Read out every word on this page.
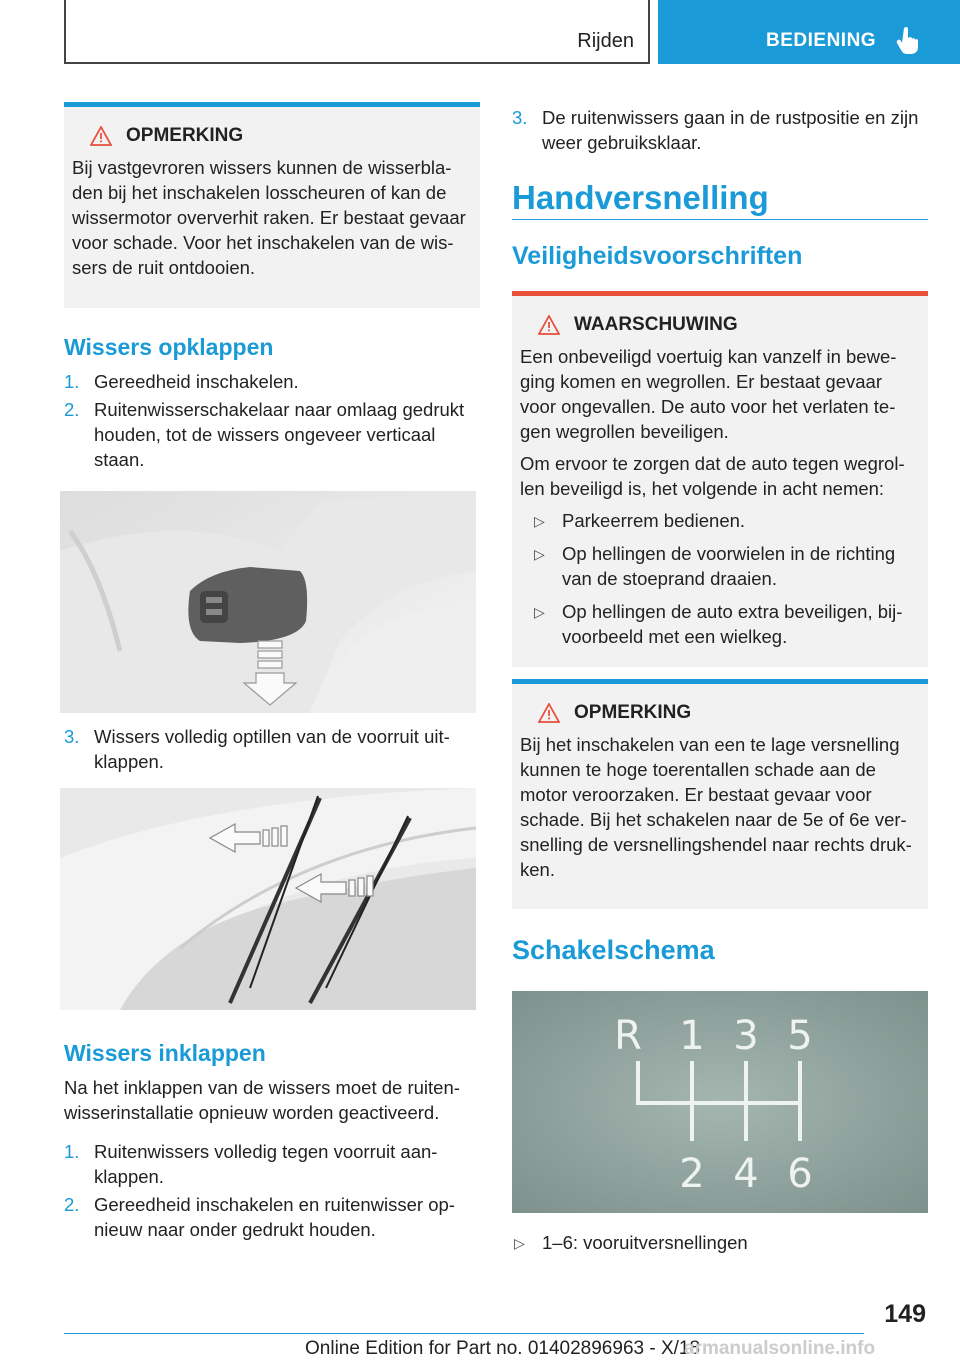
Rijden	BEDIENING
OPMERKING

Bij vastgevroren wissers kunnen de wisserbla- den bij het inschakelen losscheuren of kan de wissermotor oververhit raken. Er bestaat gevaar voor schade. Voor het inschakelen van de wis- sers de ruit ontdooien.

Wissers opklappen
1. Gereedheid inschakelen.
2. Ruitenwisserschakelaar naar omlaag gedrukt houden, tot de wissers ongeveer verticaal staan.
3. Wissers volledig optillen van de voorruit uit- klappen.
Wissers inklappen

Na het inklappen van de wissers moet de ruiten- wisserinstallatie opnieuw worden geactiveerd.

1. Ruitenwissers volledig tegen voorruit aan- klappen.
2. Gereedheid inschakelen en ruitenwisser op- nieuw naar onder gedrukt houden.
3. De ruitenwissers gaan in de rustpositie en zijn weer gebruiksklaar.
Handversnelling
Veiligheidsvoorschriften
WAARSCHUWING

Een onbeveiligd voertuig kan vanzelf in bewe- ging komen en wegrollen. Er bestaat gevaar voor ongevallen. De auto voor het verlaten te- gen wegrollen beveiligen.

Om ervoor te zorgen dat de auto tegen wegrol- len beveiligd is, het volgende in acht nemen:

▷ Parkeerrem bedienen.
▷ Op hellingen de voorwielen in de richting van de stoeprand draaien.
▷ Op hellingen de auto extra beveiligen, bij- voorbeeld met een wielkeg.
OPMERKING

Bij het inschakelen van een te lage versnelling kunnen te hoge toerentallen schade aan de motor veroorzaken. Er bestaat gevaar voor schade. Bij het schakelen naar de 5e of 6e ver- snelling de versnellingshendel naar rechts druk- ken.

Schakelschema
R 1 3 5
2 4 6
▷ 1–6: vooruitversnellingen
149
Online Edition for Part no. 01402896963 - X/18
armanualsonline.info
